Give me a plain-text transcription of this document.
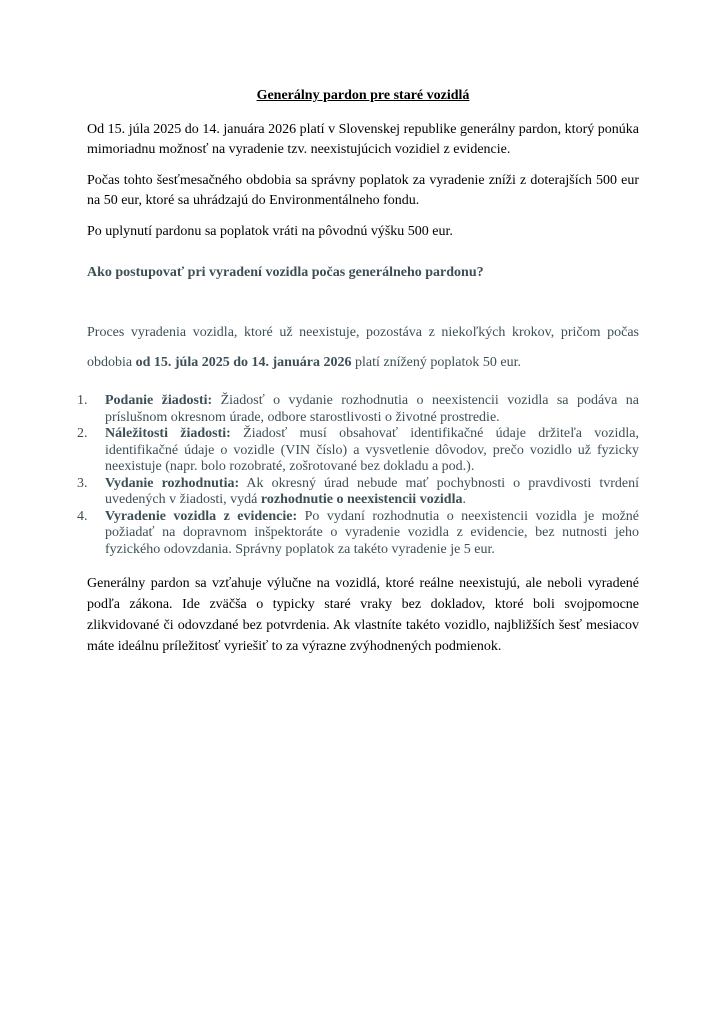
Generálny pardon pre staré vozidlá
Od 15. júla 2025 do 14. januára 2026 platí v Slovenskej republike generálny pardon, ktorý ponúka mimoriadnu možnosť na vyradenie tzv. neexistujúcich vozidiel z evidencie.
Počas tohto šesťmesačného obdobia sa správny poplatok za vyradenie zníži z doterajších 500 eur na 50 eur, ktoré sa uhrádzajú do Environmentálneho fondu.
Po uplynutí pardonu sa poplatok vráti na pôvodnú výšku 500 eur.
Ako postupovať pri vyradení vozidla počas generálneho pardonu?
Proces vyradenia vozidla, ktoré už neexistuje, pozostáva z niekoľkých krokov, pričom počas obdobia od 15. júla 2025 do 14. januára 2026 platí znížený poplatok 50 eur.
1.	Podanie žiadosti: Žiadosť o vydanie rozhodnutia o neexistencii vozidla sa podáva na príslušnom okresnom úrade, odbore starostlivosti o životné prostredie.
2.	Náležitosti žiadosti: Žiadosť musí obsahovať identifikačné údaje držiteľa vozidla, identifikačné údaje o vozidle (VIN číslo) a vysvetlenie dôvodov, prečo vozidlo už fyzicky neexistuje (napr. bolo rozobraté, zošrotované bez dokladu a pod.).
3.	Vydanie rozhodnutia: Ak okresný úrad nebude mať pochybnosti o pravdivosti tvrdení uvedených v žiadosti, vydá rozhodnutie o neexistencii vozidla.
4.	Vyradenie vozidla z evidencie: Po vydaní rozhodnutia o neexistencii vozidla je možné požiadať na dopravnom inšpektoráte o vyradenie vozidla z evidencie, bez nutnosti jeho fyzického odovzdania. Správny poplatok za takéto vyradenie je 5 eur.
Generálny pardon sa vzťahuje výlučne na vozidlá, ktoré reálne neexistujú, ale neboli vyradené podľa zákona. Ide zväčša o typicky staré vraky bez dokladov, ktoré boli svojpomocne zlikvidované či odovzdané bez potvrdenia. Ak vlastníte takéto vozidlo, najbližších šesť mesiacov máte ideálnu príležitosť vyriešiť to za výrazne zvýhodnených podmienok.
